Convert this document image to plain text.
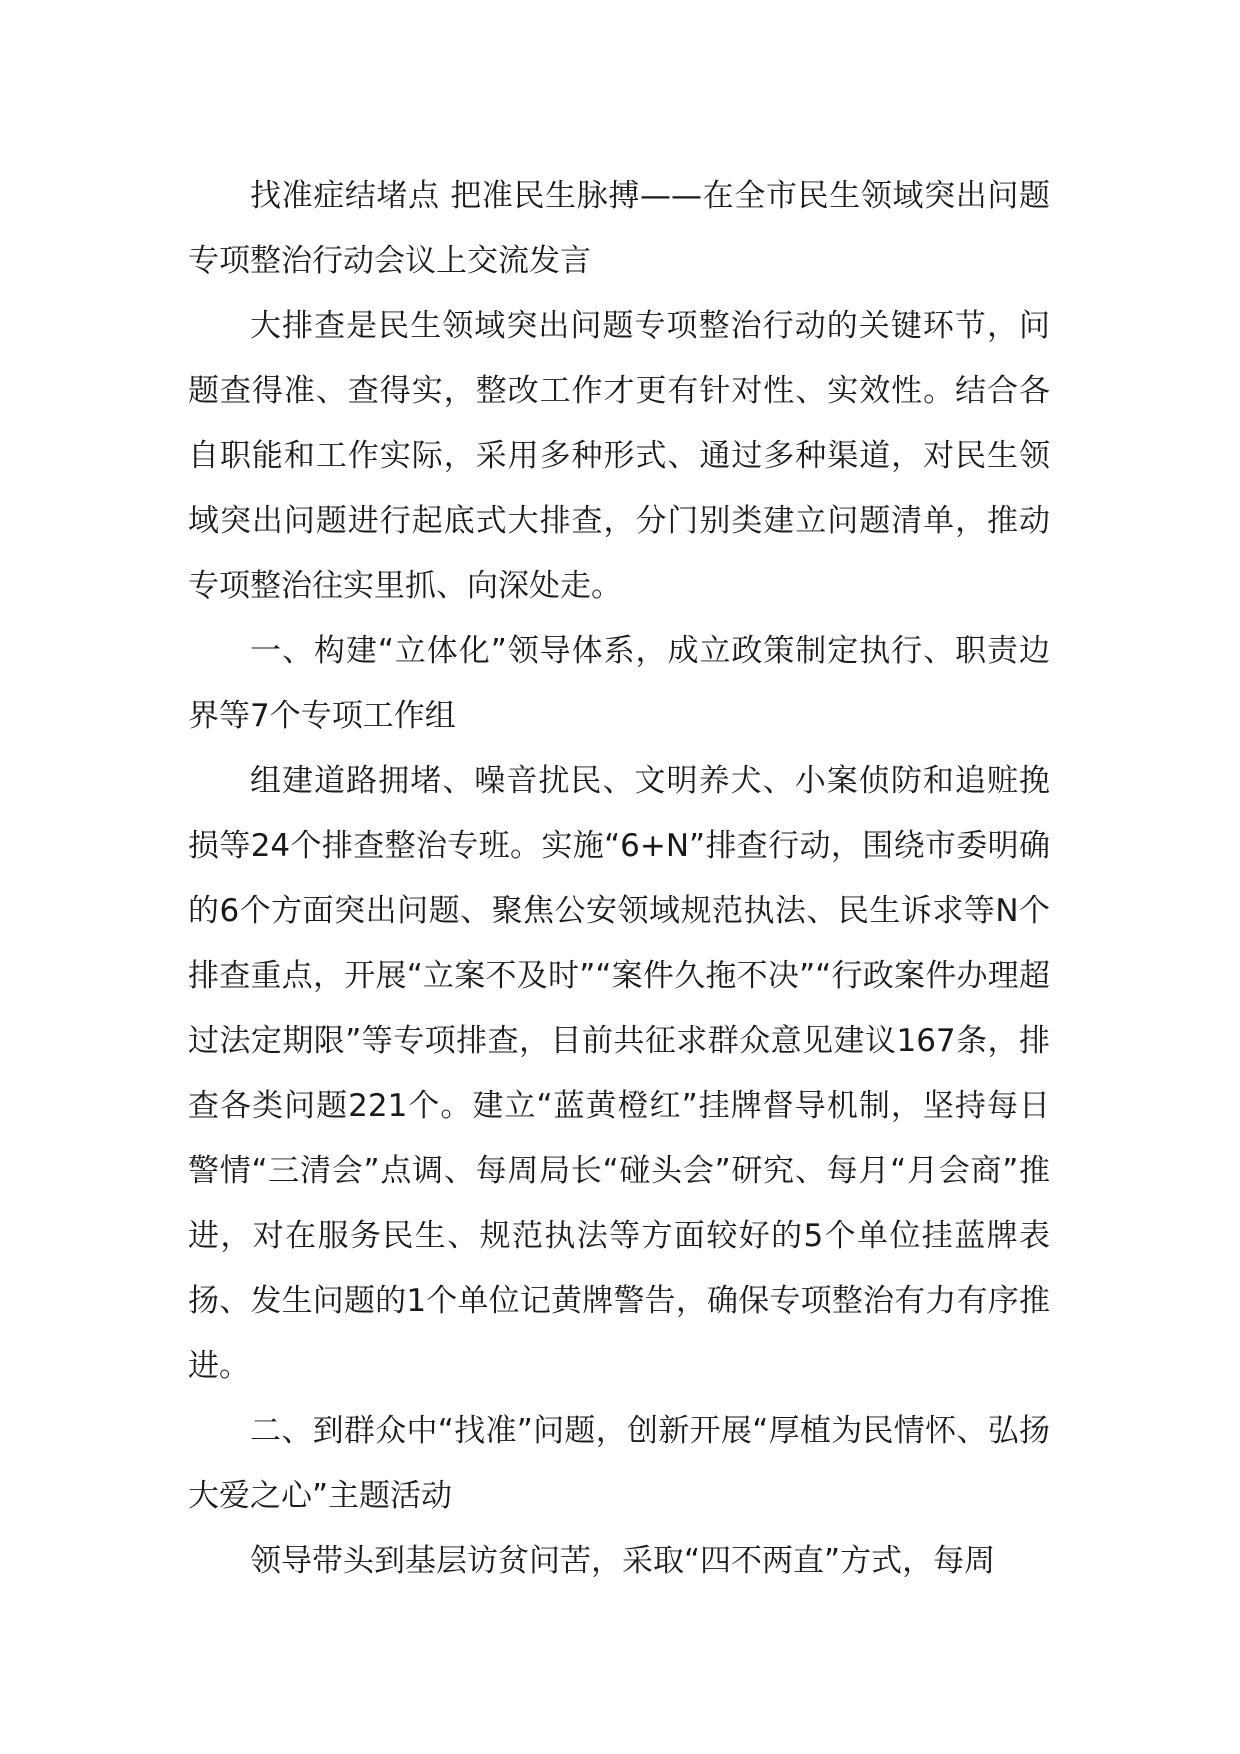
找准症结堵点 把准民生脉搏——在全市民生领域突出问题专项整治行动会议上交流发言

大排查是民生领域突出问题专项整治行动的关键环节，问题查得准、查得实，整改工作才更有针对性、实效性。结合各自职能和工作实际，采用多种形式、通过多种渠道，对民生领域突出问题进行起底式大排查，分门别类建立问题清单，推动专项整治往实里抓、向深处走。

一、构建“立体化”领导体系，成立政策制定执行、职责边界等7个专项工作组

组建道路拥堵、噪音扰民、文明养犬、小案侦防和追赃挽损等24个排查整治专班。实施“6+N”排查行动，围绕市委明确的6个方面突出问题、聚焦公安领域规范执法、民生诉求等N个排查重点，开展“立案不及时”“案件久拖不决”“行政案件办理超过法定期限”等专项排查，目前共征求群众意见建议167条，排查各类问题221个。建立“蓝黄橙红”挂牌督导机制，坚持每日警情“三清会”点调、每周局长“碰头会”研究、每月“月会商”推进，对在服务民生、规范执法等方面较好的5个单位挂蓝牌表扬、发生问题的1个单位记黄牌警告，确保专项整治有力有序推进。

二、到群众中“找准”问题，创新开展“厚植为民情怀、弘扬大爱之心”主题活动

领导带头到基层访贫问苦，采取“四不两直”方式，每周
